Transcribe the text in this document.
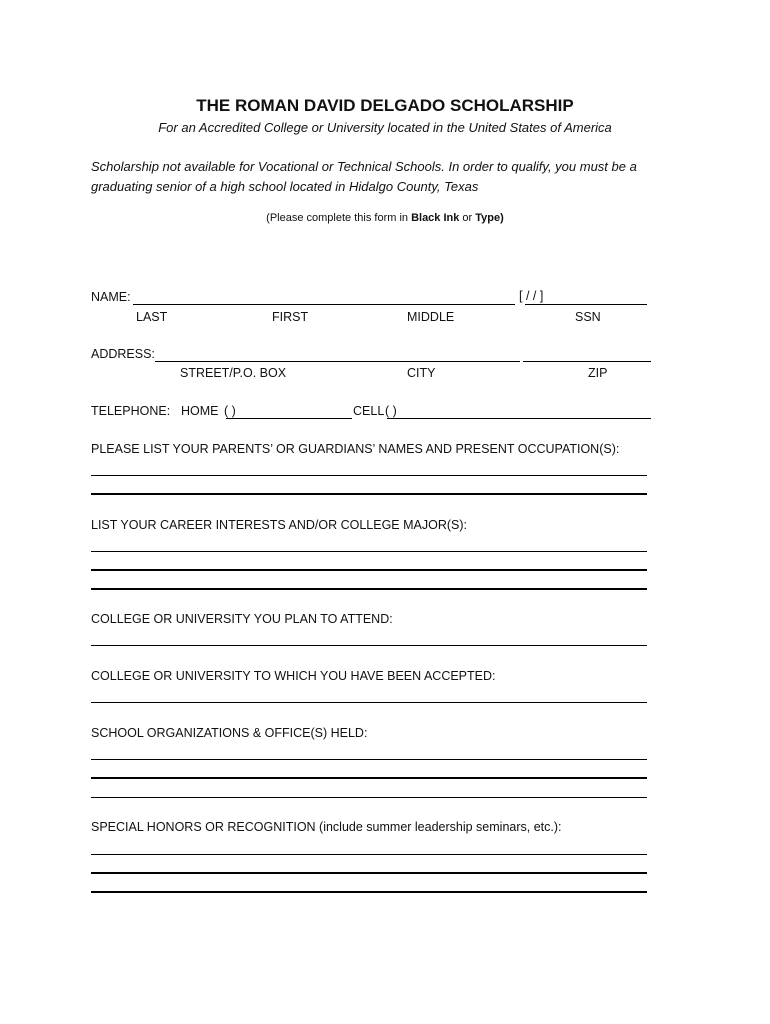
THE ROMAN DAVID DELGADO SCHOLARSHIP
For an Accredited College or University located in the United States of America
Scholarship not available for Vocational or Technical Schools. In order to qualify, you must be a graduating senior of a high school located in Hidalgo County, Texas
(Please complete this form in Black Ink or Type)
NAME:	[ / / ]
LAST	FIRST	MIDDLE	SSN
ADDRESS:
STREET/P.O. BOX	CITY	ZIP
TELEPHONE: HOME ( )	CELL ( )
PLEASE LIST YOUR PARENTS’ OR GUARDIANS’ NAMES AND PRESENT OCCUPATION(S):
LIST YOUR CAREER INTERESTS AND/OR COLLEGE MAJOR(S):
COLLEGE OR UNIVERSITY YOU PLAN TO ATTEND:
COLLEGE OR UNIVERSITY TO WHICH YOU HAVE BEEN ACCEPTED:
SCHOOL ORGANIZATIONS & OFFICE(S) HELD:
SPECIAL HONORS OR RECOGNITION (include summer leadership seminars, etc.):
